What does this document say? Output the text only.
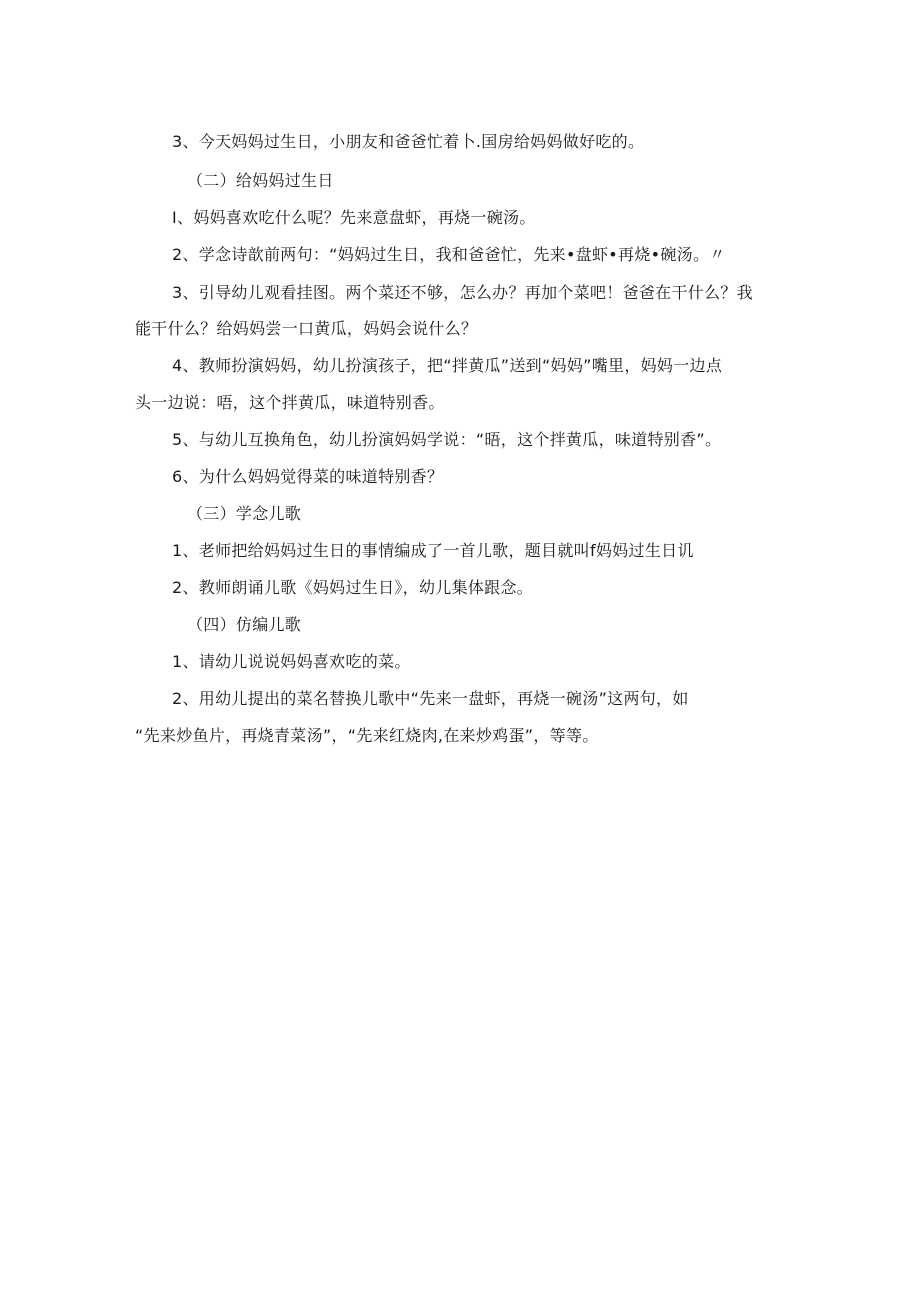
3、今天妈妈过生日，小朋友和爸爸忙着卜.国房给妈妈做好吃的。
（二）给妈妈过生日
I、妈妈喜欢吃什么呢？先来意盘虾，再烧一碗汤。
2、学念诗歆前两句：“妈妈过生日，我和爸爸忙，先来•盘虾•再烧•碗汤。〃
3、引导幼儿观看挂图。两个菜还不够，怎么办？再加个菜吧！爸爸在干什么？我
能干什么？给妈妈尝一口黄瓜，妈妈会说什么？
4、教师扮演妈妈，幼儿扮演孩子，把“拌黄瓜”送到“妈妈”嘴里，妈妈一边点
头一边说：唔，这个拌黄瓜，味道特别香。
5、与幼儿互换角色，幼儿扮演妈妈学说：“晤，这个拌黄瓜，味道特别香”。
6、为什么妈妈觉得菜的味道特别香？
（三）学念儿歌
1、老师把给妈妈过生日的事情编成了一首儿歌，题目就叫f妈妈过生日讥
2、教师朗诵儿歌《妈妈过生日》，幼儿集体跟念。
（四）仿编儿歌
1、请幼儿说说妈妈喜欢吃的菜。
2、用幼儿提出的菜名替换儿歌中“先来一盘虾，再烧一碗汤”这两句，如
“先来炒鱼片，再烧青菜汤”，“先来红烧肉,在来炒鸡蛋”，等等。
